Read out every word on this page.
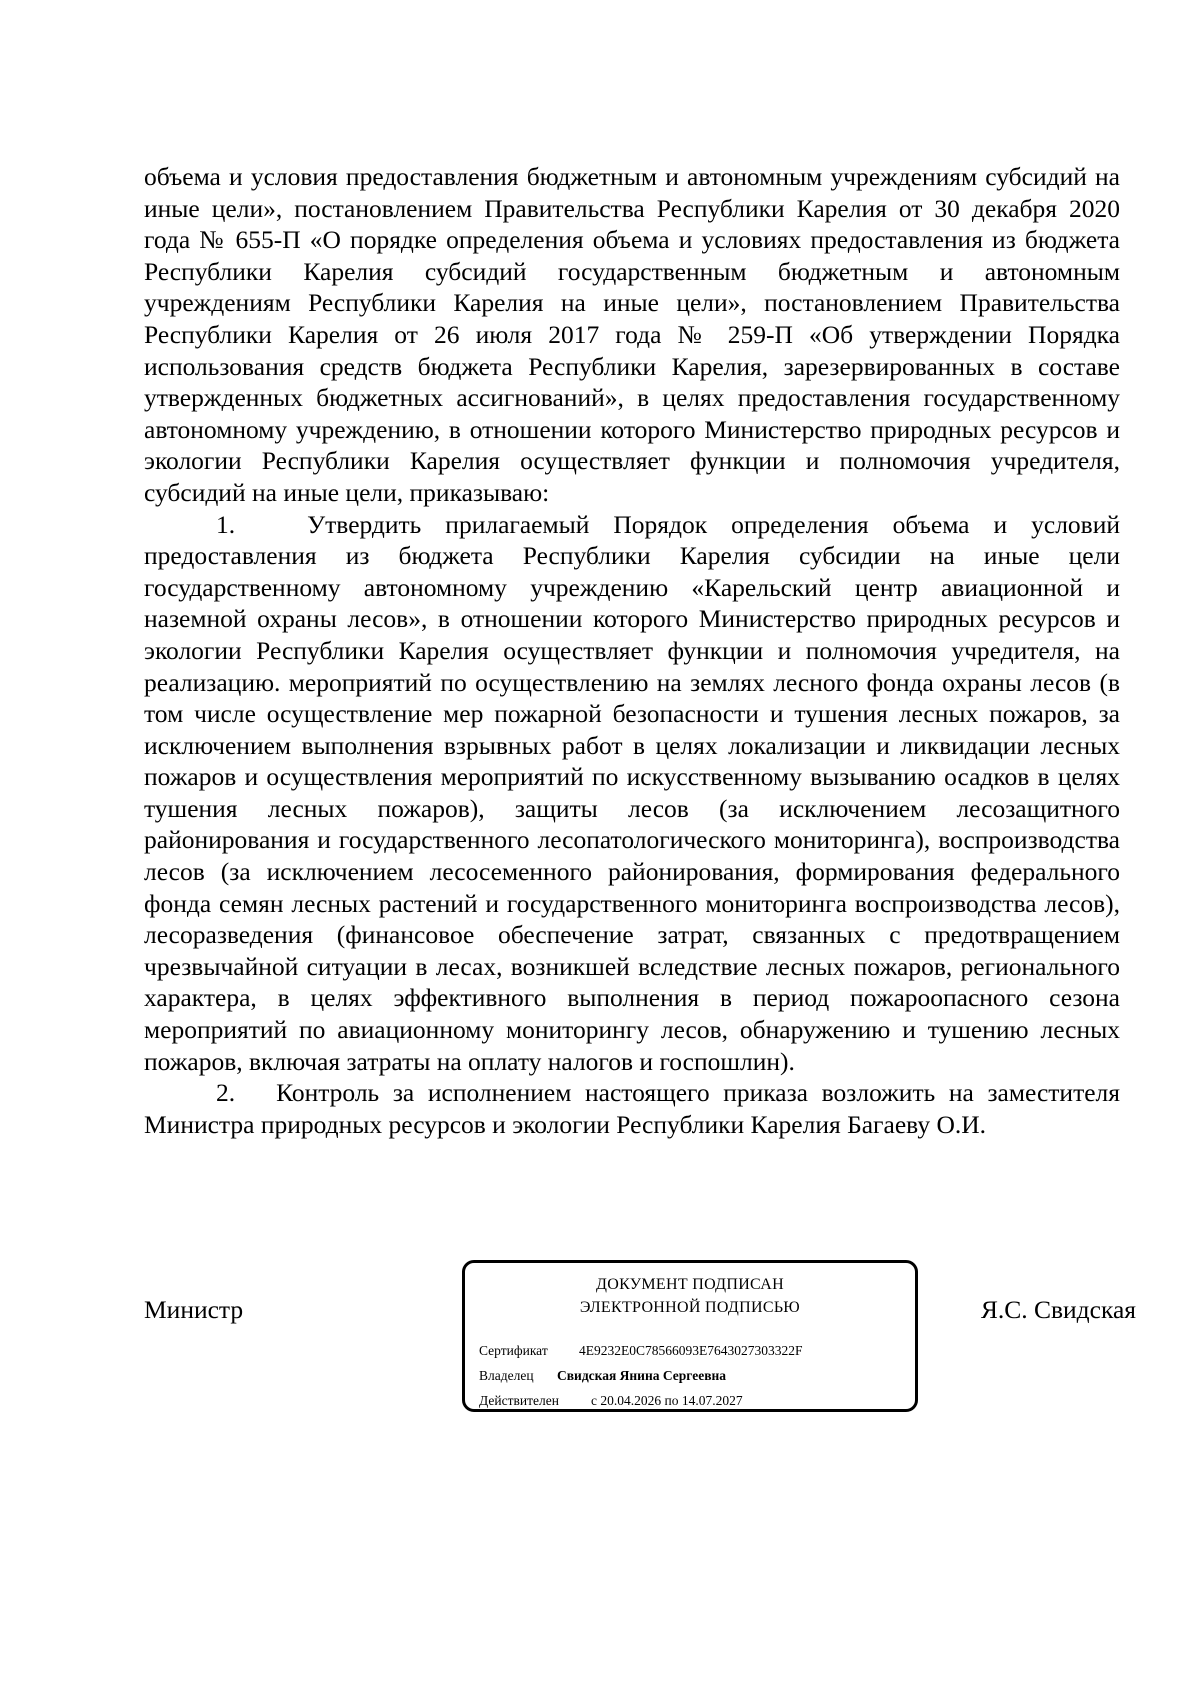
объема и условия предоставления бюджетным и автономным учреждениям субсидий на иные цели», постановлением Правительства Республики Карелия от 30 декабря 2020 года № 655-П «О порядке определения объема и условиях предоставления из бюджета Республики Карелия субсидий государственным бюджетным и автономным учреждениям Республики Карелия на иные цели», постановлением Правительства Республики Карелия от 26 июля 2017 года № 259-П «Об утверждении Порядка использования средств бюджета Республики Карелия, зарезервированных в составе утвержденных бюджетных ассигнований», в целях предоставления государственному автономному учреждению, в отношении которого Министерство природных ресурсов и экологии Республики Карелия осуществляет функции и полномочия учредителя, субсидий на иные цели, приказываю:

1.   Утвердить прилагаемый Порядок определения объема и условий предоставления из бюджета Республики Карелия субсидии на иные цели государственному автономному учреждению «Карельский центр авиационной и наземной охраны лесов», в отношении которого Министерство природных ресурсов и экологии Республики Карелия осуществляет функции и полномочия учредителя, на реализацию. мероприятий по осуществлению на землях лесного фонда охраны лесов (в том числе осуществление мер пожарной безопасности и тушения лесных пожаров, за исключением выполнения взрывных работ в целях локализации и ликвидации лесных пожаров и осуществления мероприятий по искусственному вызыванию осадков в целях тушения лесных пожаров), защиты лесов (за исключением лесозащитного районирования и государственного лесопатологического мониторинга), воспроизводства лесов (за исключением лесосеменного районирования, формирования федерального фонда семян лесных растений и государственного мониторинга воспроизводства лесов), лесоразведения (финансовое обеспечение затрат, связанных с предотвращением чрезвычайной ситуации в лесах, возникшей вследствие лесных пожаров, регионального характера, в целях эффективного выполнения в период пожароопасного сезона мероприятий по авиационному мониторингу лесов, обнаружению и тушению лесных пожаров, включая затраты на оплату налогов и госпошлин).

2.   Контроль за исполнением настоящего приказа возложить на заместителя Министра природных ресурсов и экологии Республики Карелия Багаеву О.И.

Министр
ДОКУМЕНТ ПОДПИСАН
ЭЛЕКТРОННОЙ ПОДПИСЬЮ
Сертификат 4E9232E0C78566093E7643027303322F
Владелец Свидская Янина Сергеевна
Действителен с 20.04.2026 по 14.07.2027
Я.С. Свидская
